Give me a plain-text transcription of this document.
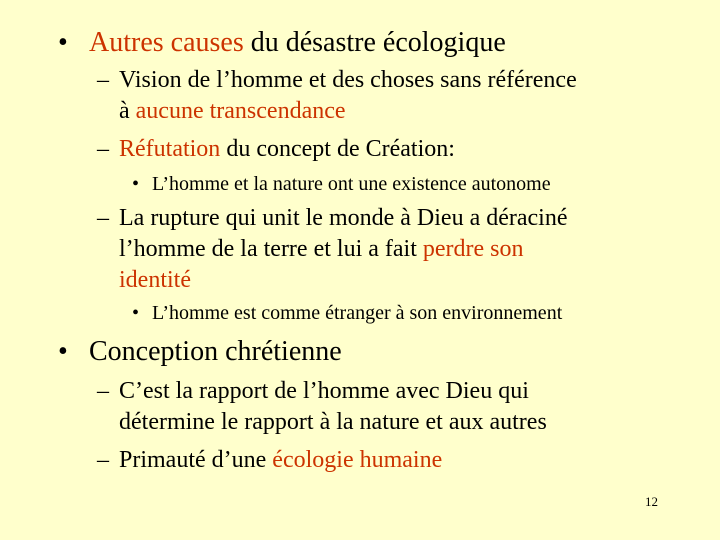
• Autres causes du désastre écologique
– Vision de l’homme et des choses sans référence
à aucune transcendance
– Réfutation du concept de Création:
• L’homme et la nature ont une existence autonome
– La rupture qui unit le monde à Dieu a déraciné
l’homme de la terre et lui a fait perdre son
identité
• L’homme est comme étranger à son environnement
• Conception chrétienne
– C’est la rapport de l’homme avec Dieu qui
détermine le rapport à la nature et aux autres
– Primauté d’une écologie humaine
12
